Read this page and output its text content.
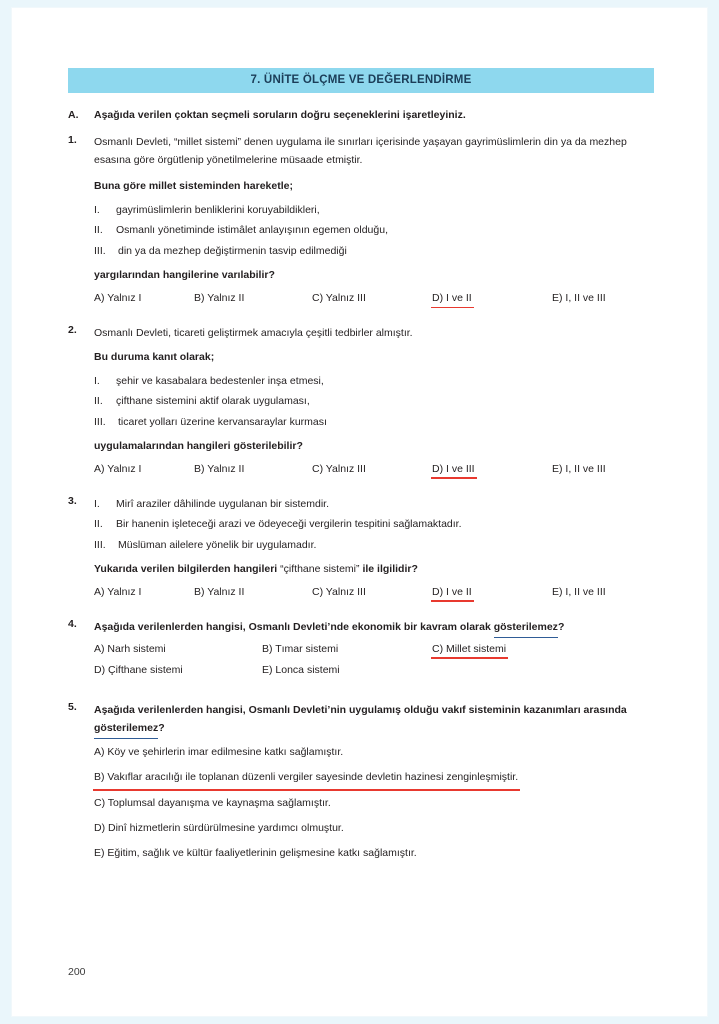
7. ÜNİTE ÖLÇME VE DEĞERLENDİRME
A.	Aşağıda verilen çoktan seçmeli soruların doğru seçeneklerini işaretleyiniz.
1.	Osmanlı Devleti, “millet sistemi” denen uygulama ile sınırları içerisinde yaşayan gayrimüslimlerin din ya da mezhep esasına göre örgütlenip yönetilmelerine müsaade etmiştir.
Buna göre millet sisteminden hareketle;
I.	gayrimüslimlerin benliklerini koruyabildikleri,
II.	Osmanlı yönetiminde istimâlet anlayışının egemen olduğu,
III.	din ya da mezhep değiştirmenin tasvip edilmediği
yargılarından hangilerine varılabilir?
A) Yalnız I	B) Yalnız II	C) Yalnız III	D) I ve II	E) I, II ve III
2.	Osmanlı Devleti, ticareti geliştirmek amacıyla çeşitli tedbirler almıştır.
Bu duruma kanıt olarak;
I.	şehir ve kasabalara bedestenler inşa etmesi,
II.	çifthane sistemini aktif olarak uygulaması,
III.	ticaret yolları üzerine kervansaraylar kurması
uygulamalarından hangileri gösterilebilir?
A) Yalnız I	B) Yalnız II	C) Yalnız III	D) I ve III	E) I, II ve III
3.	I.	Mirî araziler dâhilinde uygulanan bir sistemdir.
II.	Bir hanenin işleteceği arazi ve ödeyeceği vergilerin tespitini sağlamaktadır.
III.	Müslüman ailelere yönelik bir uygulamadır.
Yukarıda verilen bilgilerden hangileri “çifthane sistemi” ile ilgilidir?
A) Yalnız I	B) Yalnız II	C) Yalnız III	D) I ve II	E) I, II ve III
4.	Aşağıda verilenlerden hangisi, Osmanlı Devleti’nde ekonomik bir kavram olarak gösterilemez?
A) Narh sistemi	B) Tımar sistemi	C) Millet sistemi
D) Çifthane sistemi	E) Lonca sistemi
5.	Aşağıda verilenlerden hangisi, Osmanlı Devleti’nin uygulamış olduğu vakıf sisteminin kazanımları arasında gösterilemez?
A) Köy ve şehirlerin imar edilmesine katkı sağlamıştır.
B) Vakıflar aracılığı ile toplanan düzenli vergiler sayesinde devletin hazinesi zenginleşmiştir.
C) Toplumsal dayanışma ve kaynaşma sağlamıştır.
D) Dinî hizmetlerin sürdürülmesine yardımcı olmuştur.
E) Eğitim, sağlık ve kültür faaliyetlerinin gelişmesine katkı sağlamıştır.
200
